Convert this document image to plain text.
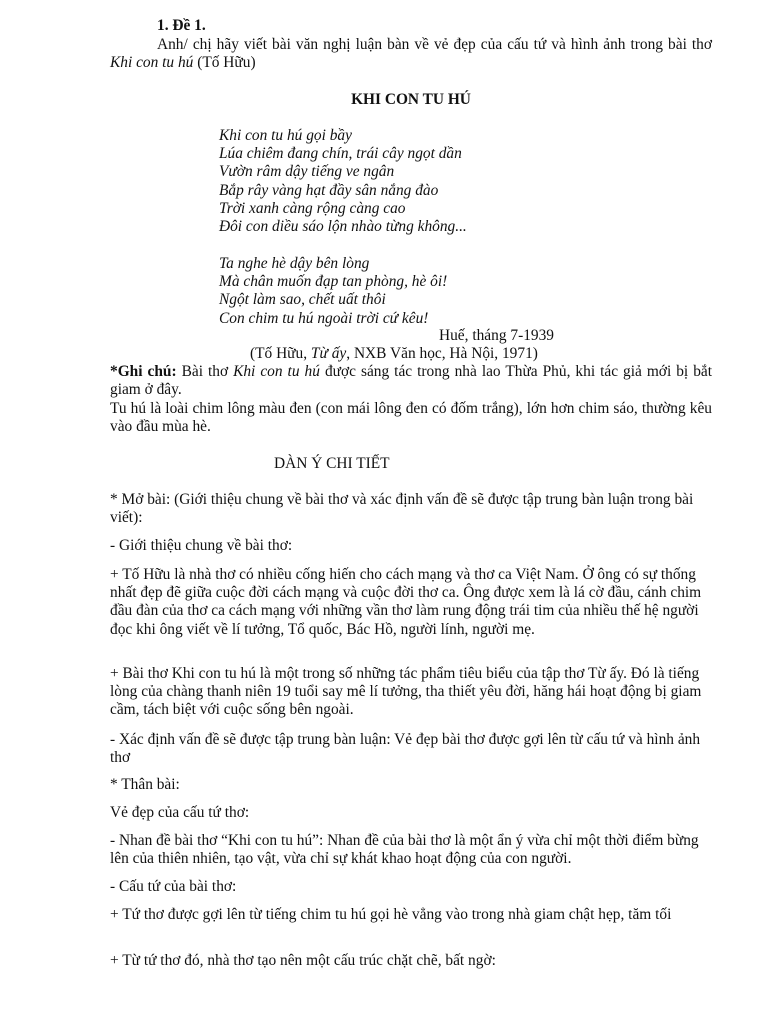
1. Đề 1.
Anh/ chị hãy viết bài văn nghị luận bàn về vẻ đẹp của cấu tứ và hình ảnh trong bài thơ Khi con tu hú (Tố Hữu)
KHI CON TU HÚ
Khi con tu hú gọi bầy
Lúa chiêm đang chín, trái cây ngọt dần
Vườn râm dậy tiếng ve ngân
Bắp rây vàng hạt đầy sân nắng đào
Trời xanh càng rộng càng cao
Đôi con diều sáo lộn nhào từng không...
Ta nghe hè dậy bên lòng
Mà chân muốn đạp tan phòng, hè ôi!
Ngột làm sao, chết uất thôi
Con chim tu hú ngoài trời cứ kêu!
Huế, tháng 7-1939
(Tố Hữu, Từ ấy, NXB Văn học, Hà Nội, 1971)
*Ghi chú: Bài thơ Khi con tu hú được sáng tác trong nhà lao Thừa Phủ, khi tác giả mới bị bắt giam ở đây.
Tu hú là loài chim lông màu đen (con mái lông đen có đốm trắng), lớn hơn chim sáo, thường kêu vào đầu mùa hè.
DÀN Ý CHI TIẾT
* Mở bài: (Giới thiệu chung về bài thơ và xác định vấn đề sẽ được tập trung bàn luận trong bài viết):
- Giới thiệu chung về bài thơ:
+ Tố Hữu là nhà thơ có nhiều cống hiến cho cách mạng và thơ ca Việt Nam. Ở ông có sự thống nhất đẹp đẽ giữa cuộc đời cách mạng và cuộc đời thơ ca. Ông được xem là lá cờ đầu, cánh chim đầu đàn của thơ ca cách mạng với những vần thơ làm rung động trái tim của nhiều thế hệ người đọc khi ông viết về lí tưởng, Tổ quốc, Bác Hồ, người lính, người mẹ.
+ Bài thơ Khi con tu hú là một trong số những tác phẩm tiêu biểu của tập thơ Từ ấy. Đó là tiếng lòng của chàng thanh niên 19 tuổi say mê lí tưởng, tha thiết yêu đời, hăng hái hoạt động bị giam cầm, tách biệt với cuộc sống bên ngoài.
- Xác định vấn đề sẽ được tập trung bàn luận: Vẻ đẹp bài thơ được gợi lên từ cấu tứ và hình ảnh thơ
* Thân bài:
Vẻ đẹp của cấu tứ thơ:
- Nhan đề bài thơ “Khi con tu hú”: Nhan đề của bài thơ là một ẩn ý vừa chỉ một thời điểm bừng lên của thiên nhiên, tạo vật, vừa chỉ sự khát khao hoạt động của con người.
- Cấu tứ của bài thơ:
+ Tứ thơ được gợi lên từ tiếng chim tu hú gọi hè vẳng vào trong nhà giam chật hẹp, tăm tối
+ Từ tứ thơ đó, nhà thơ tạo nên một cấu trúc chặt chẽ, bất ngờ:
